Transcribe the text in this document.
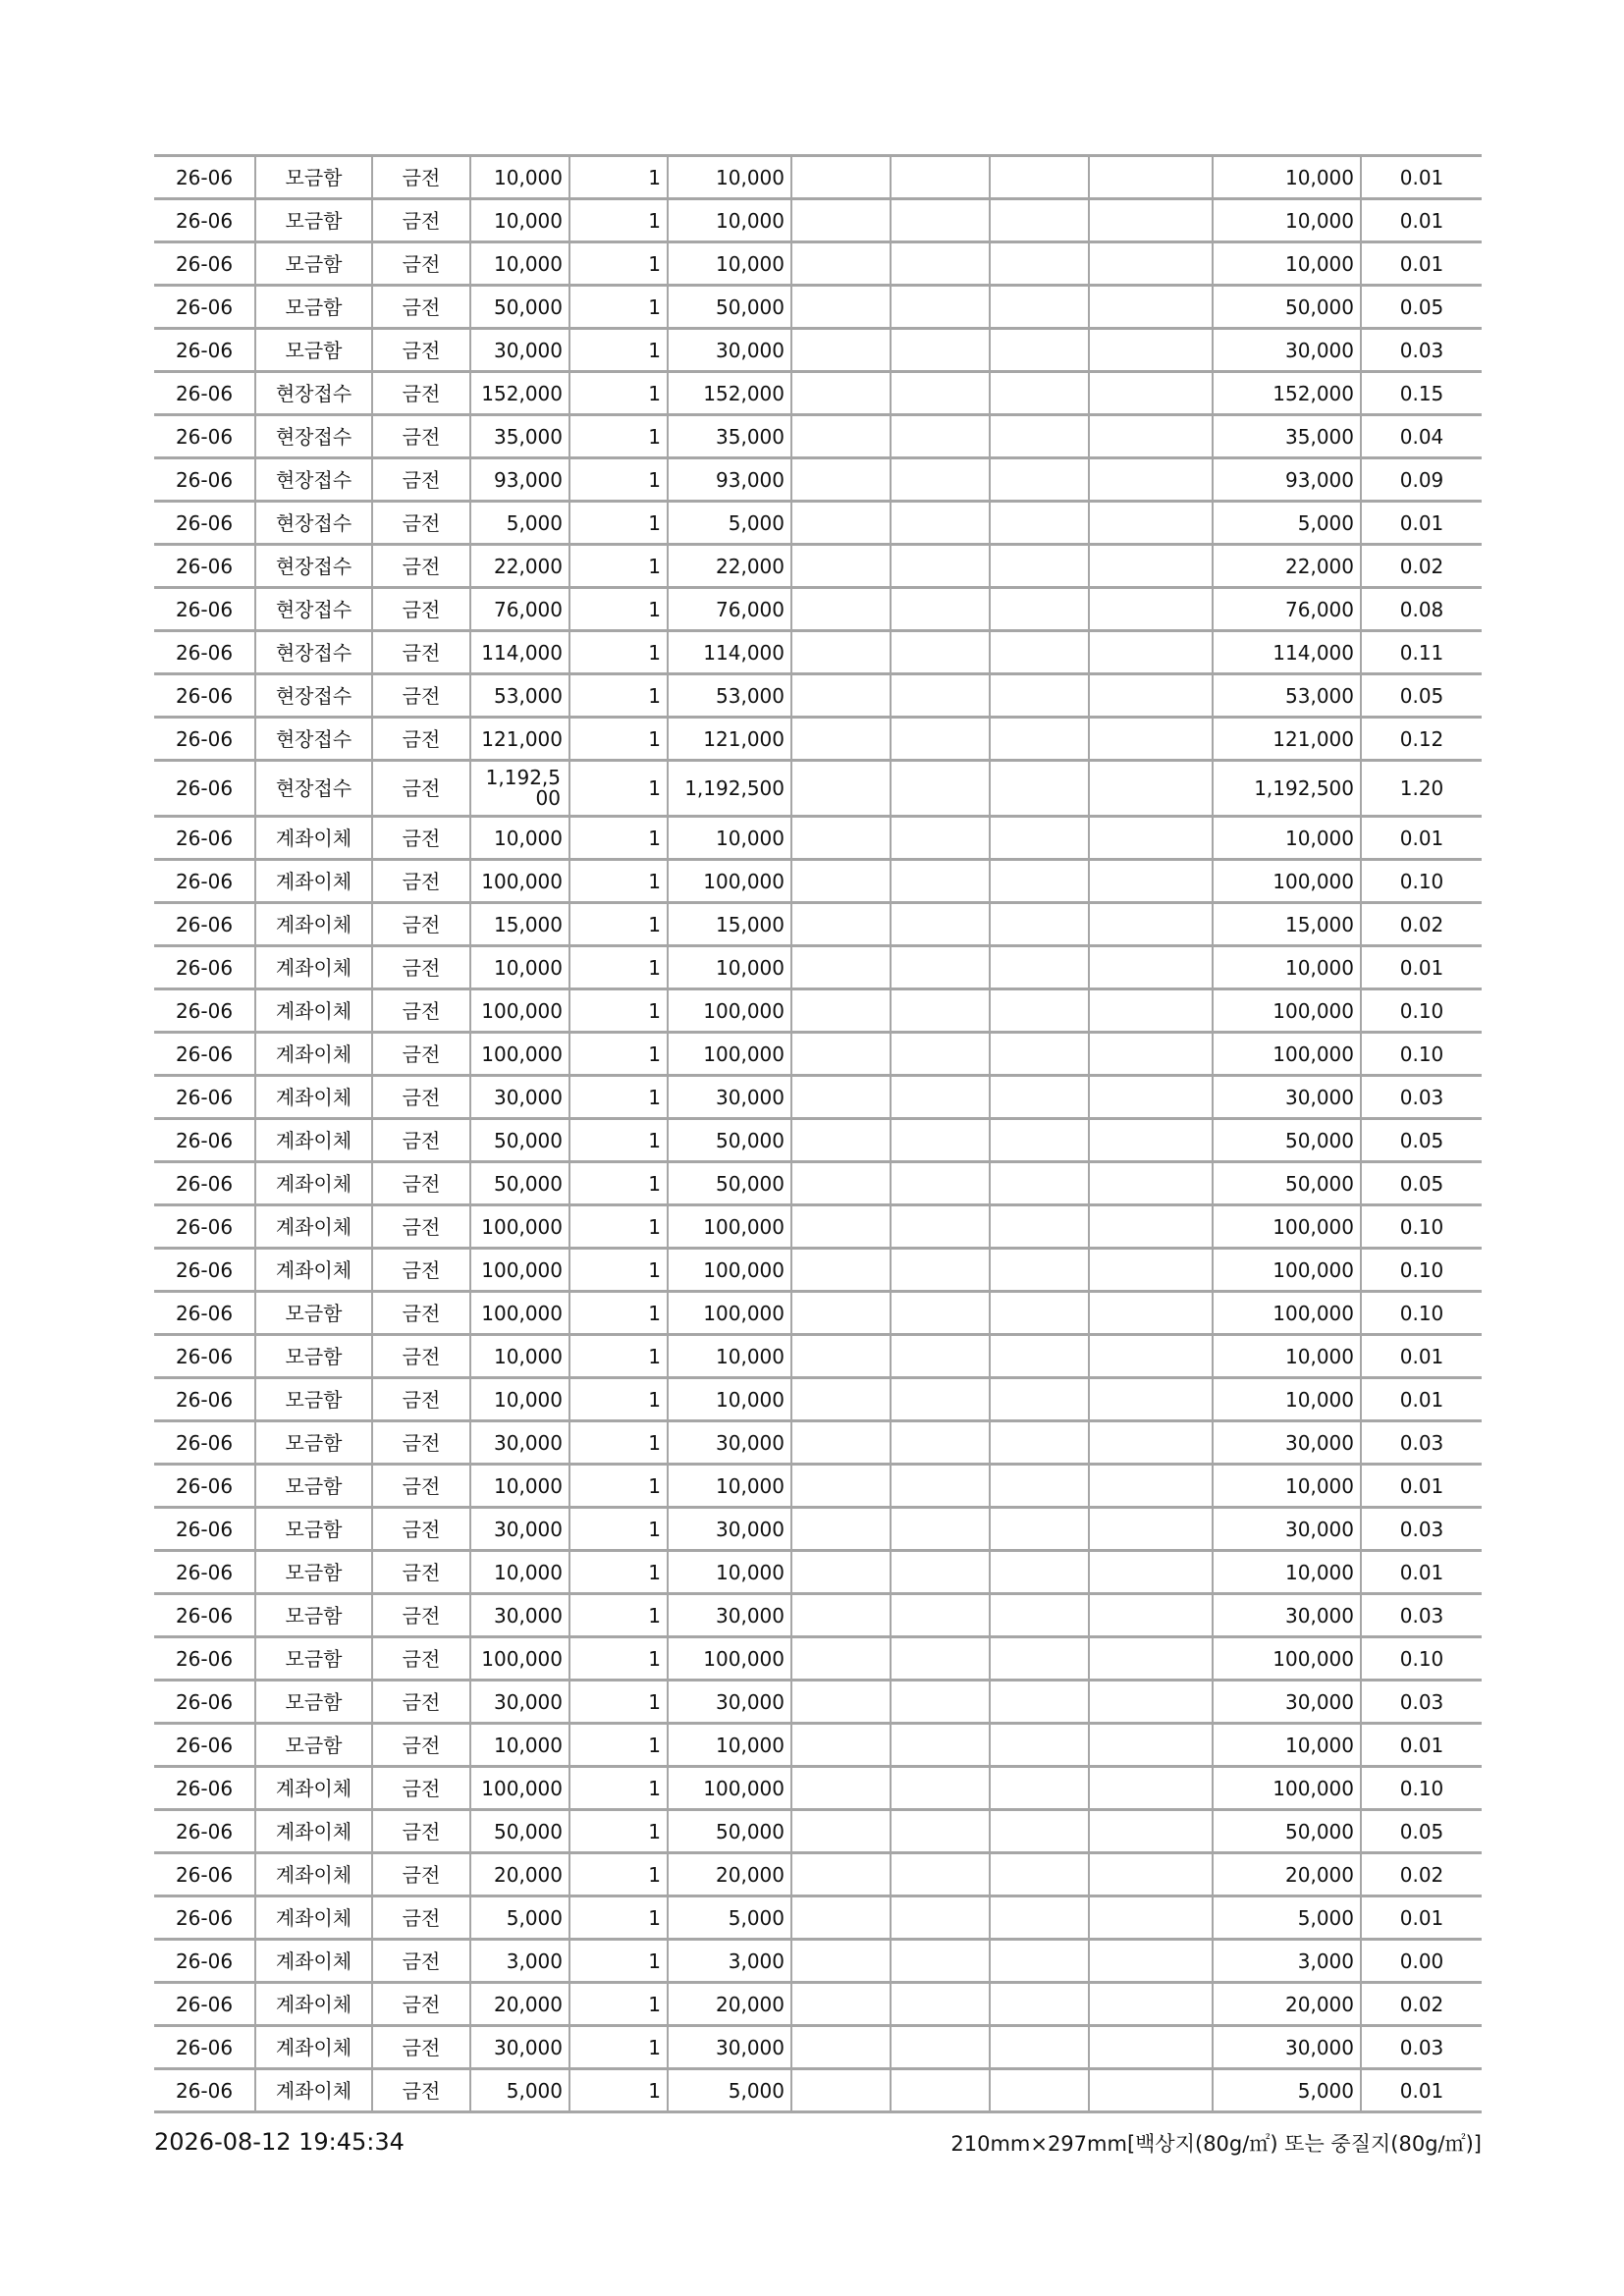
26-06	모금함	금전	10,000	1	10,000					10,000	0.01
26-06	모금함	금전	10,000	1	10,000					10,000	0.01
26-06	모금함	금전	10,000	1	10,000					10,000	0.01
26-06	모금함	금전	50,000	1	50,000					50,000	0.05
26-06	모금함	금전	30,000	1	30,000					30,000	0.03
26-06	현장접수	금전	152,000	1	152,000					152,000	0.15
26-06	현장접수	금전	35,000	1	35,000					35,000	0.04
26-06	현장접수	금전	93,000	1	93,000					93,000	0.09
26-06	현장접수	금전	5,000	1	5,000					5,000	0.01
26-06	현장접수	금전	22,000	1	22,000					22,000	0.02
26-06	현장접수	금전	76,000	1	76,000					76,000	0.08
26-06	현장접수	금전	114,000	1	114,000					114,000	0.11
26-06	현장접수	금전	53,000	1	53,000					53,000	0.05
26-06	현장접수	금전	121,000	1	121,000					121,000	0.12
26-06	현장접수	금전	1,192,500	1	1,192,500					1,192,500	1.20
26-06	계좌이체	금전	10,000	1	10,000					10,000	0.01
26-06	계좌이체	금전	100,000	1	100,000					100,000	0.10
26-06	계좌이체	금전	15,000	1	15,000					15,000	0.02
26-06	계좌이체	금전	10,000	1	10,000					10,000	0.01
26-06	계좌이체	금전	100,000	1	100,000					100,000	0.10
26-06	계좌이체	금전	100,000	1	100,000					100,000	0.10
26-06	계좌이체	금전	30,000	1	30,000					30,000	0.03
26-06	계좌이체	금전	50,000	1	50,000					50,000	0.05
26-06	계좌이체	금전	50,000	1	50,000					50,000	0.05
26-06	계좌이체	금전	100,000	1	100,000					100,000	0.10
26-06	계좌이체	금전	100,000	1	100,000					100,000	0.10
26-06	모금함	금전	100,000	1	100,000					100,000	0.10
26-06	모금함	금전	10,000	1	10,000					10,000	0.01
26-06	모금함	금전	10,000	1	10,000					10,000	0.01
26-06	모금함	금전	30,000	1	30,000					30,000	0.03
26-06	모금함	금전	10,000	1	10,000					10,000	0.01
26-06	모금함	금전	30,000	1	30,000					30,000	0.03
26-06	모금함	금전	10,000	1	10,000					10,000	0.01
26-06	모금함	금전	30,000	1	30,000					30,000	0.03
26-06	모금함	금전	100,000	1	100,000					100,000	0.10
26-06	모금함	금전	30,000	1	30,000					30,000	0.03
26-06	모금함	금전	10,000	1	10,000					10,000	0.01
26-06	계좌이체	금전	100,000	1	100,000					100,000	0.10
26-06	계좌이체	금전	50,000	1	50,000					50,000	0.05
26-06	계좌이체	금전	20,000	1	20,000					20,000	0.02
26-06	계좌이체	금전	5,000	1	5,000					5,000	0.01
26-06	계좌이체	금전	3,000	1	3,000					3,000	0.00
26-06	계좌이체	금전	20,000	1	20,000					20,000	0.02
26-06	계좌이체	금전	30,000	1	30,000					30,000	0.03
26-06	계좌이체	금전	5,000	1	5,000					5,000	0.01
2026-08-12 19:45:34	210mm×297mm[백상지(80g/㎡) 또는 중질지(80g/㎡)]
